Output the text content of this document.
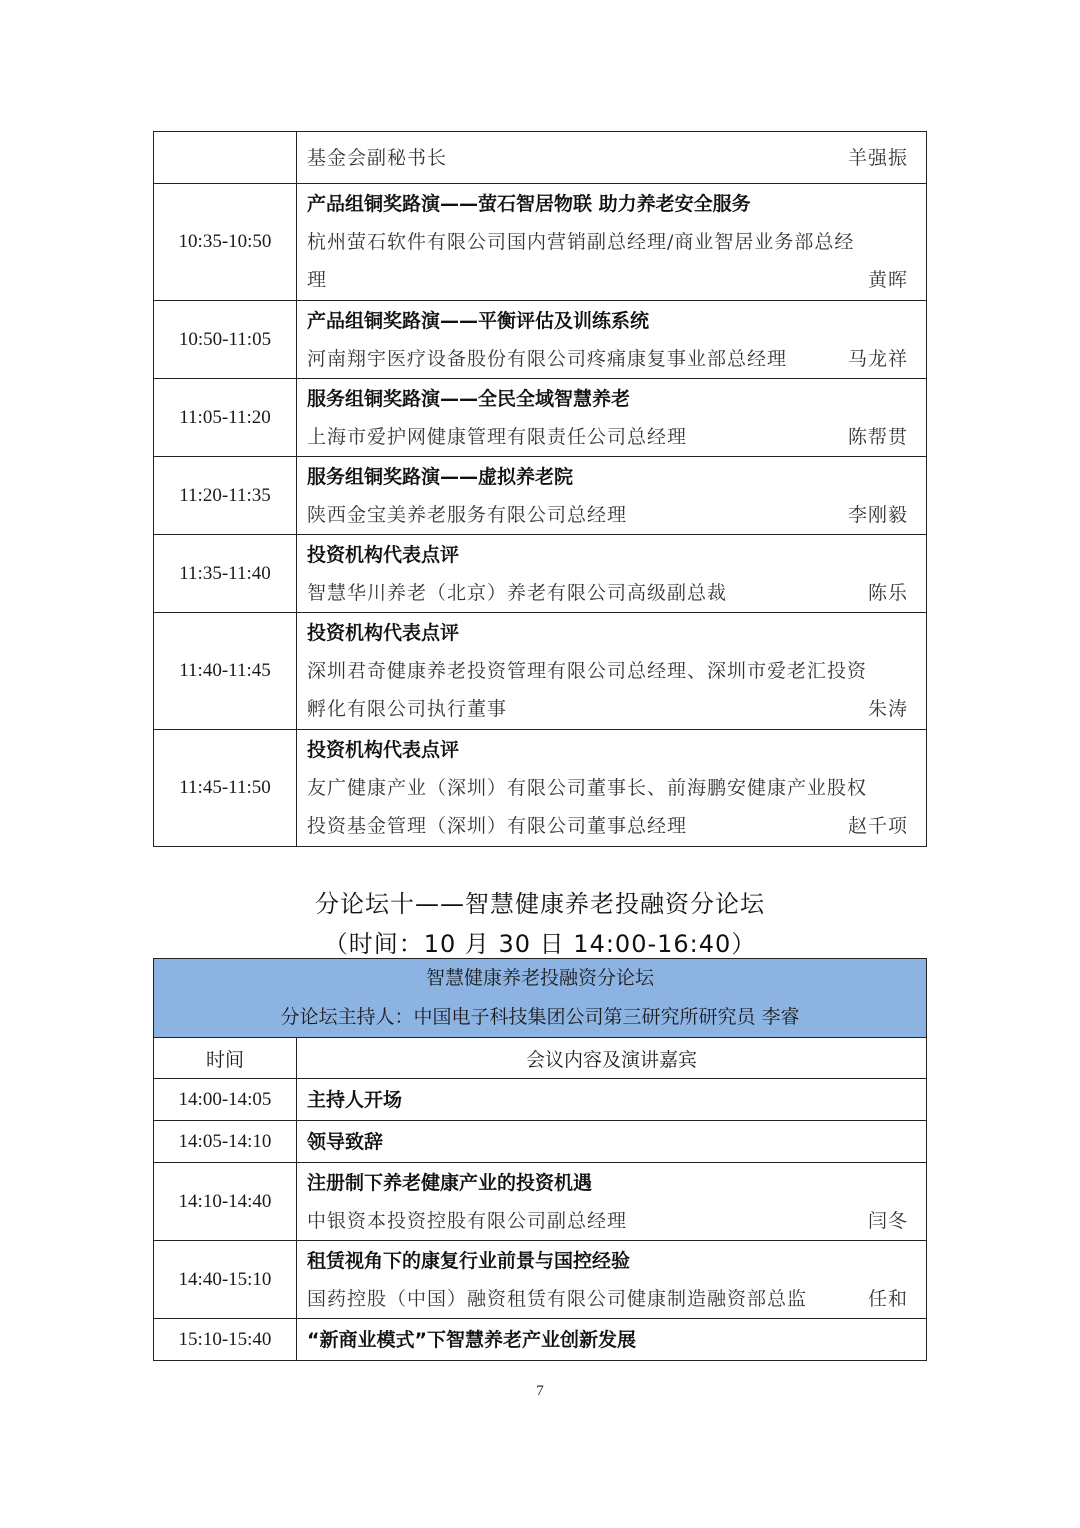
	基金会副秘书长 羊强振

10:35-10:50	产品组铜奖路演——萤石智居物联 助力养老安全服务
杭州萤石软件有限公司国内营销副总经理/商业智居业务部总经
理 黄晖

10:50-11:05	产品组铜奖路演——平衡评估及训练系统
河南翔宇医疗设备股份有限公司疼痛康复事业部总经理 马龙祥

11:05-11:20	服务组铜奖路演——全民全域智慧养老
上海市爱护网健康管理有限责任公司总经理 陈帮贯

11:20-11:35	服务组铜奖路演——虚拟养老院
陕西金宝美养老服务有限公司总经理 李刚毅

11:35-11:40	投资机构代表点评
智慧华川养老（北京）养老有限公司高级副总裁 陈乐

11:40-11:45	投资机构代表点评
深圳君奇健康养老投资管理有限公司总经理、深圳市爱老汇投资
孵化有限公司执行董事 朱涛

11:45-11:50	投资机构代表点评
友广健康产业（深圳）有限公司董事长、前海鹏安健康产业股权
投资基金管理（深圳）有限公司董事总经理 赵千项
分论坛十——智慧健康养老投融资分论坛
（时间：10 月 30 日 14:00-16:40）
智慧健康养老投融资分论坛
分论坛主持人：中国电子科技集团公司第三研究所研究员 李睿	

时间	会议内容及演讲嘉宾
14:00-14:05	主持人开场

14:05-14:10	领导致辞

14:10-14:40	注册制下养老健康产业的投资机遇
中银资本投资控股有限公司副总经理 闫冬

14:40-15:10	租赁视角下的康复行业前景与国控经验
国药控股（中国）融资租赁有限公司健康制造融资部总监 任和

15:10-15:40	“新商业模式”下智慧养老产业创新发展
7
